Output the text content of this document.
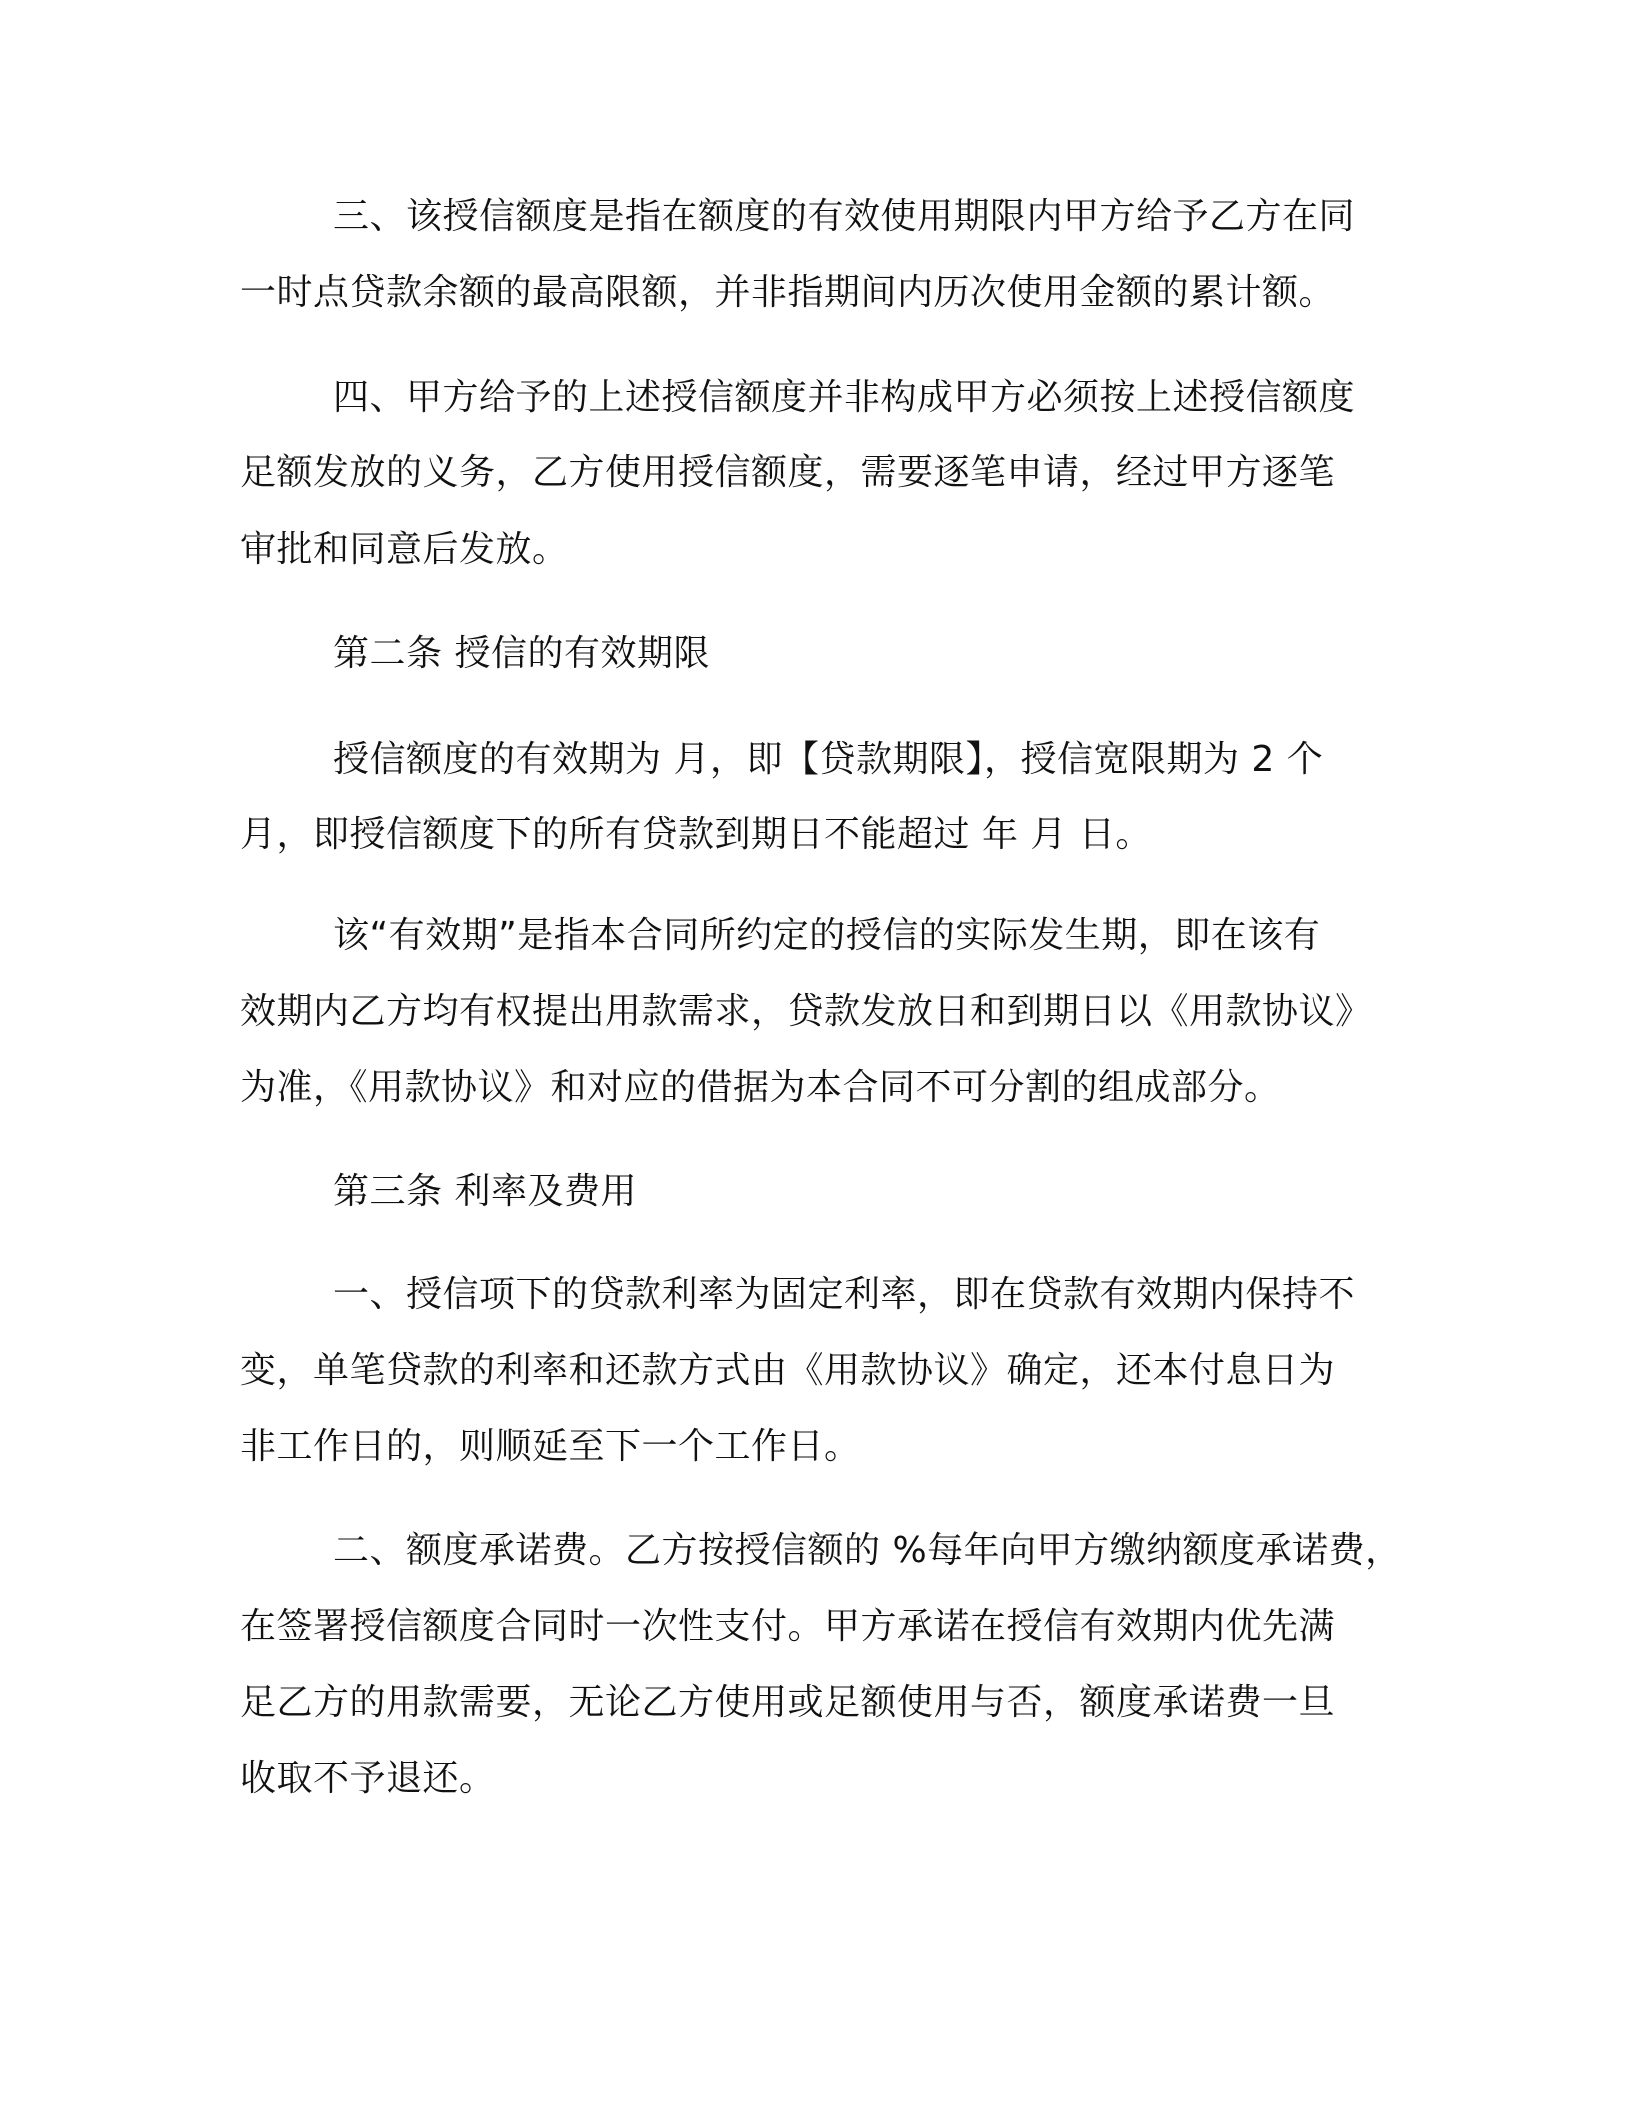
三、该授信额度是指在额度的有效使用期限内甲方给予乙方在同
一时点贷款余额的最高限额，并非指期间内历次使用金额的累计额。
四、甲方给予的上述授信额度并非构成甲方必须按上述授信额度
足额发放的义务，乙方使用授信额度，需要逐笔申请，经过甲方逐笔
审批和同意后发放。
第二条 授信的有效期限
授信额度的有效期为 月，即【贷款期限】，授信宽限期为 2 个
月，即授信额度下的所有贷款到期日不能超过 年 月 日。
该“有效期”是指本合同所约定的授信的实际发生期，即在该有
效期内乙方均有权提出用款需求，贷款发放日和到期日以《用款协议》
为准，《用款协议》和对应的借据为本合同不可分割的组成部分。
第三条 利率及费用
一、授信项下的贷款利率为固定利率，即在贷款有效期内保持不
变，单笔贷款的利率和还款方式由《用款协议》确定，还本付息日为
非工作日的，则顺延至下一个工作日。
二、额度承诺费。乙方按授信额的 %每年向甲方缴纳额度承诺费，
在签署授信额度合同时一次性支付。甲方承诺在授信有效期内优先满
足乙方的用款需要，无论乙方使用或足额使用与否，额度承诺费一旦
收取不予退还。
